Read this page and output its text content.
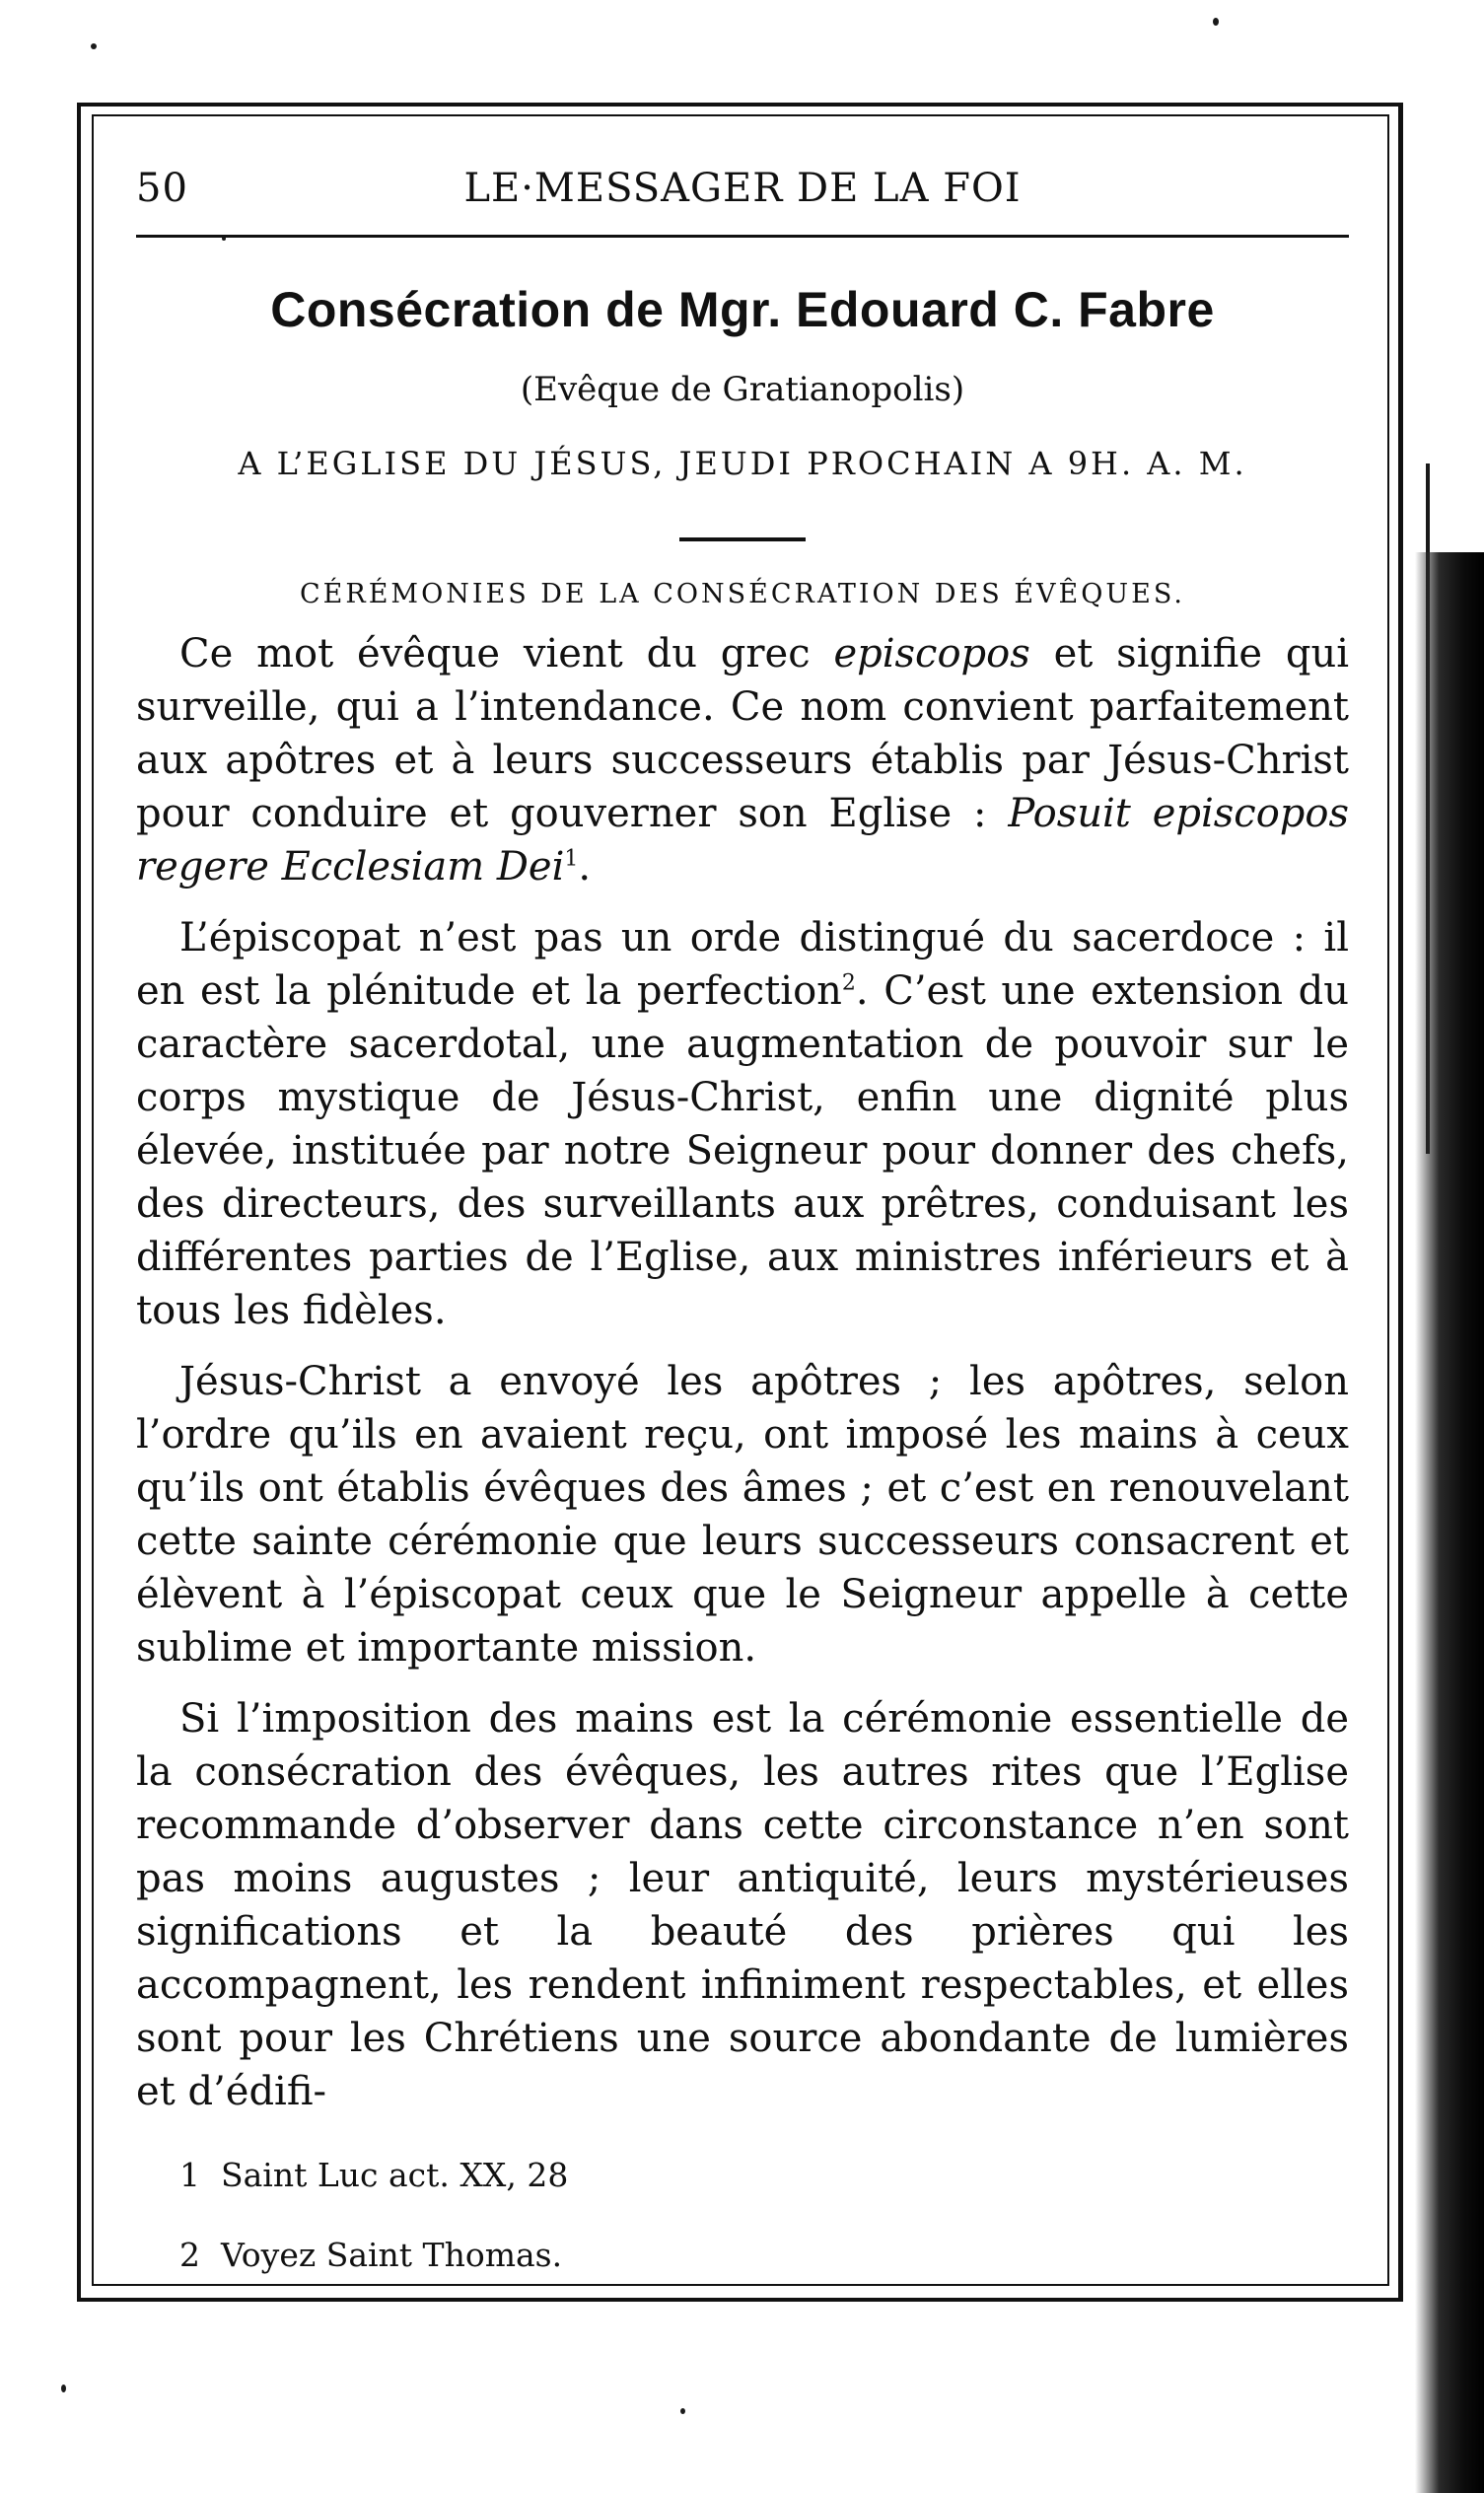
50	LE·MESSAGER DE LA FOI
Consécration de Mgr. Edouard C. Fabre
(Evêque de Gratianopolis)
A L’EGLISE DU JÉSUS, JEUDI PROCHAIN A 9H. A. M.
CÉRÉMONIES DE LA CONSÉCRATION DES ÉVÊQUES.

Ce mot évêque vient du grec episcopos et signifie qui surveille, qui a l’intendance. Ce nom convient parfaitement aux apôtres et à leurs successeurs établis par Jésus-Christ pour conduire et gouverner son Eglise : Posuit episcopos regere Ecclesiam Dei$^1$.

L’épiscopat n’est pas un orde distingué du sacerdoce : il en est la plénitude et la perfection$^2$. C’est une extension du caractère sacerdotal, une augmentation de pouvoir sur le corps mystique de Jésus-Christ, enfin une dignité plus élevée, instituée par notre Seigneur pour donner des chefs, des directeurs, des surveillants aux prêtres, conduisant les différentes parties de l’Eglise, aux ministres inférieurs et à tous les fidèles.

Jésus-Christ a envoyé les apôtres ; les apôtres, selon l’ordre qu’ils en avaient reçu, ont imposé les mains à ceux qu’ils ont établis évêques des âmes ; et c’est en renouvelant cette sainte cérémonie que leurs successeurs consacrent et élèvent à l’épiscopat ceux que le Seigneur appelle à cette sublime et importante mission.

Si l’imposition des mains est la cérémonie essentielle de la consécration des évêques, les autres rites que l’Eglise recommande d’observer dans cette circonstance n’en sont pas moins augustes ; leur antiquité, leurs mystérieuses significations et la beauté des prières qui les accompagnent, les rendent infiniment respectables, et elles sont pour les Chrétiens une source abondante de lumières et d’édifi-

1 Saint Luc act. XX, 28
2 Voyez Saint Thomas.
